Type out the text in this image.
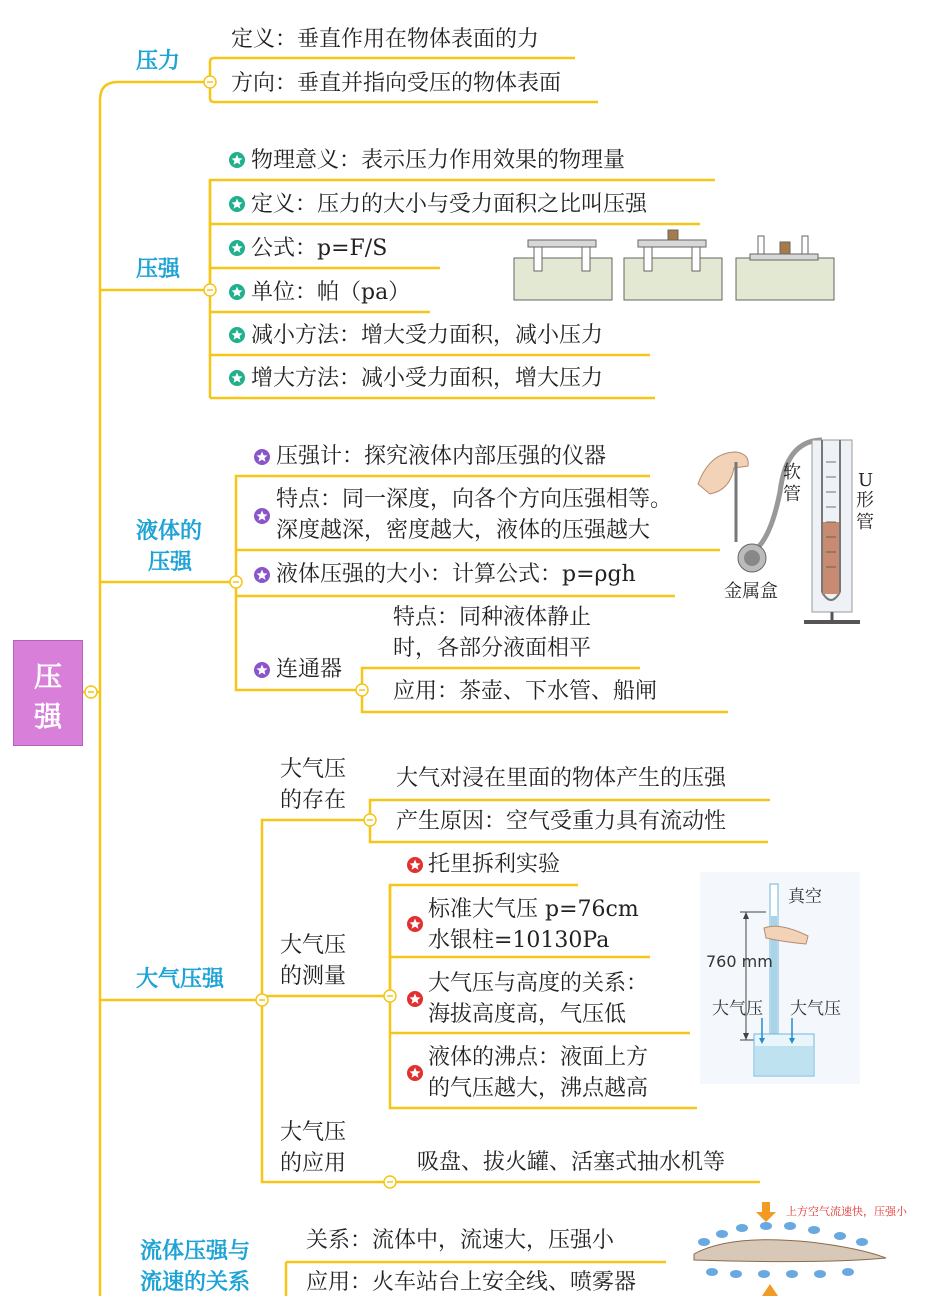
压
强
压力
定义：垂直作用在物体表面的力
方向：垂直并指向受压的物体表面
压强
物理意义：表示压力作用效果的物理量
定义：压力的大小与受力面积之比叫压强
公式：p=F/S
单位：帕（pa）
减小方法：增大受力面积，减小压力
增大方法：减小受力面积，增大压力
液体的
压强
压强计：探究液体内部压强的仪器
特点：同一深度，向各个方向压强相等。
深度越深，密度越大，液体的压强越大
液体压强的大小：计算公式：p=ρgh
连通器
特点：同种液体静止
时，各部分液面相平
应用：茶壶、下水管、船闸
软
管
U
形
管
金属盒
大气压强
大气压
的存在
大气对浸在里面的物体产生的压强
产生原因：空气受重力具有流动性
大气压
的测量
托里拆利实验
标准大气压 p=76cm
水银柱=10130Pa
大气压与高度的关系：
海拔高度高，气压低
液体的沸点：液面上方
的气压越大，沸点越高
大气压
的应用	吸盘、拔火罐、活塞式抽水机等
真空
760 mm
大气压 大气压
流体压强与
流速的关系
关系：流体中，流速大，压强小
应用：火车站台上安全线、喷雾器
上方空气流速快，压强小
